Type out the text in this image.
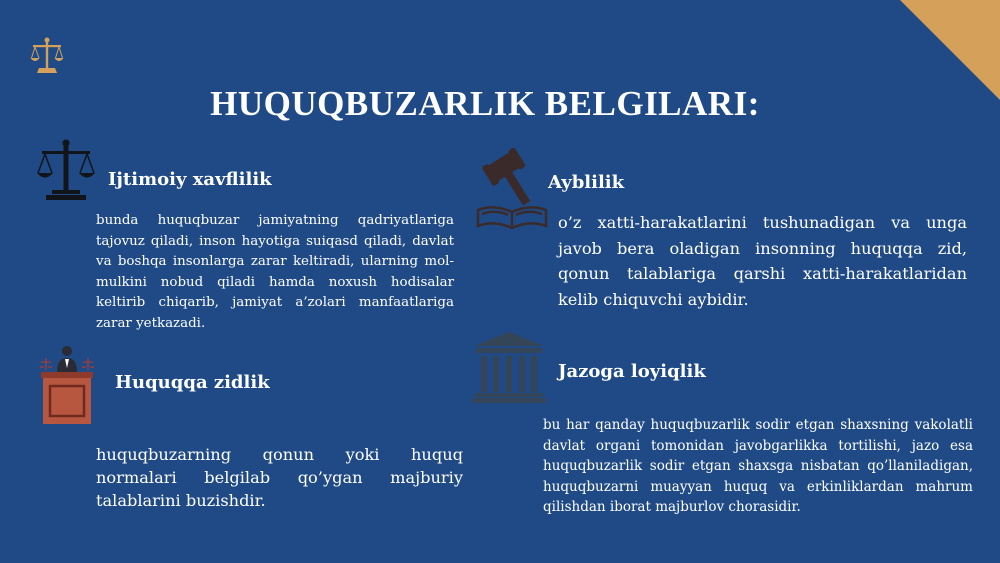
HUQUQBUZARLIK BELGILARI:
Ijtimoiy xavflilik

bunda huquqbuzar jamiyatning qadriyatlariga tajovuz qiladi, inson hayotiga suiqasd qiladi, davlat va boshqa insonlarga zarar keltiradi, ularning mol-mulkini nobud qiladi hamda noxush hodisalar keltirib chiqarib, jamiyat a’zolari manfaatlariga zarar yetkazadi.

Ayblilik

o’z xatti-harakatlarini tushunadigan va unga javob bera oladigan insonning huquqqa zid, qonun talablariga qarshi xatti-harakatlaridan kelib chiquvchi aybidir.

Huquqqa zidlik

huquqbuzarning qonun yoki huquq normalari belgilab qo’ygan majburiy talablarini buzishdir.

Jazoga loyiqlik

bu har qanday huquqbuzarlik sodir etgan shaxsning vakolatli davlat organi tomonidan javobgarlikka tortilishi, jazo esa huquqbuzarlik sodir etgan shaxsga nisbatan qo’llaniladigan, huquqbuzarni muayyan huquq va erkinliklardan mahrum qilishdan iborat majburlov chorasidir.
